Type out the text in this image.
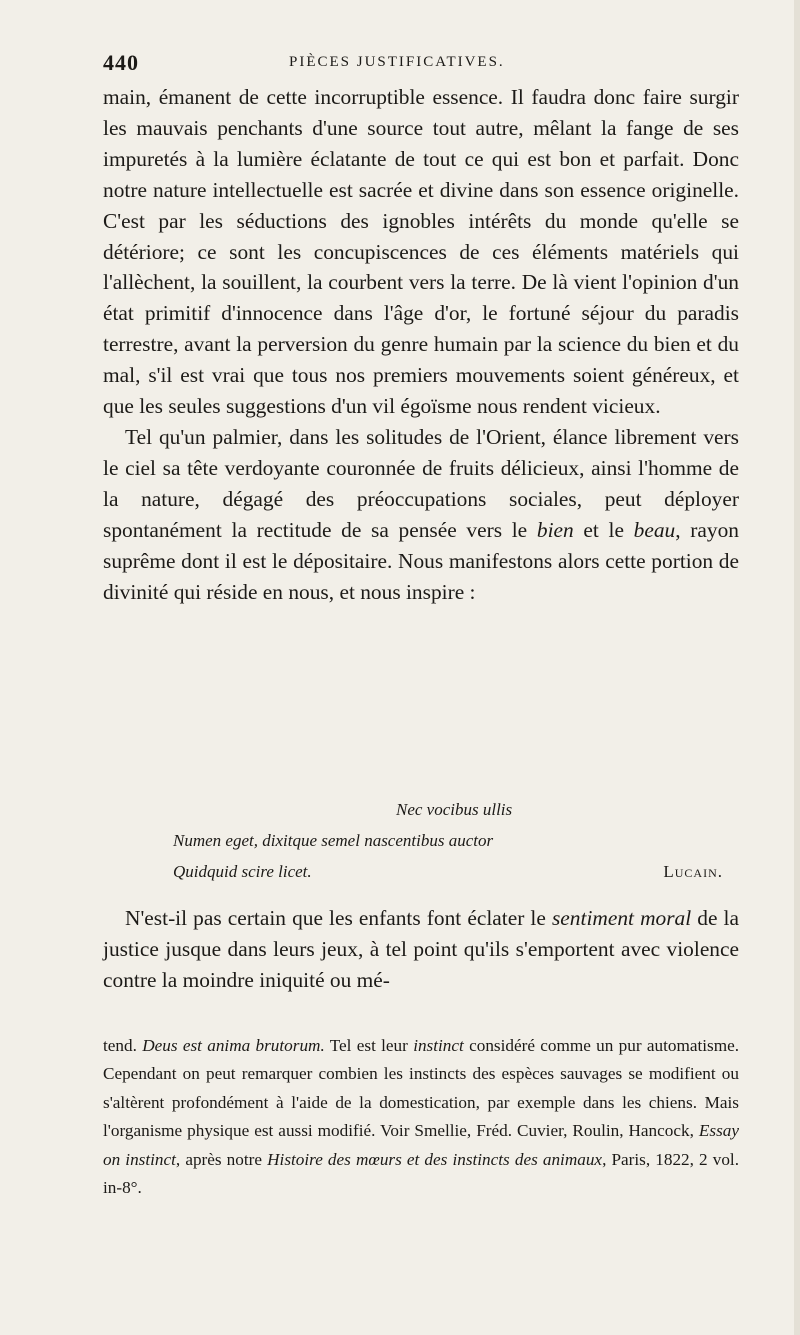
440	PIÈCES JUSTIFICATIVES.

main, émanent de cette incorruptible essence. Il faudra donc faire surgir les mauvais penchants d'une source tout autre, mêlant la fange de ses impuretés à la lumière éclatante de tout ce qui est bon et parfait. Donc notre nature intellectuelle est sacrée et divine dans son essence originelle. C'est par les séductions des ignobles intérêts du monde qu'elle se détériore; ce sont les concupiscences de ces éléments matériels qui l'allèchent, la souillent, la courbent vers la terre. De là vient l'opinion d'un état primitif d'innocence dans l'âge d'or, le fortuné séjour du paradis terrestre, avant la perversion du genre humain par la science du bien et du mal, s'il est vrai que tous nos premiers mouvements soient généreux, et que les seules suggestions d'un vil égoïsme nous rendent vicieux.

Tel qu'un palmier, dans les solitudes de l'Orient, élance librement vers le ciel sa tête verdoyante couronnée de fruits délicieux, ainsi l'homme de la nature, dégagé des préoccupations sociales, peut déployer spontanément la rectitude de sa pensée vers le bien et le beau, rayon suprême dont il est le dépositaire. Nous manifestons alors cette portion de divinité qui réside en nous, et nous inspire :

Nec vocibus ullis
Numen eget, dixitque semel nascentibus auctor
Quidquid scire licet.	Lucain.

N'est-il pas certain que les enfants font éclater le sentiment moral de la justice jusque dans leurs jeux, à tel point qu'ils s'emportent avec violence contre la moindre iniquité ou mé-

tend. Deus est anima brutorum. Tel est leur instinct considéré comme un pur automatisme. Cependant on peut remarquer combien les instincts des espèces sauvages se modifient ou s'altèrent profondément à l'aide de la domestication, par exemple dans les chiens. Mais l'organisme physique est aussi modifié. Voir Smellie, Fréd. Cuvier, Roulin, Hancock, Essay on instinct, après notre Histoire des mœurs et des instincts des animaux, Paris, 1822, 2 vol. in-8°.
